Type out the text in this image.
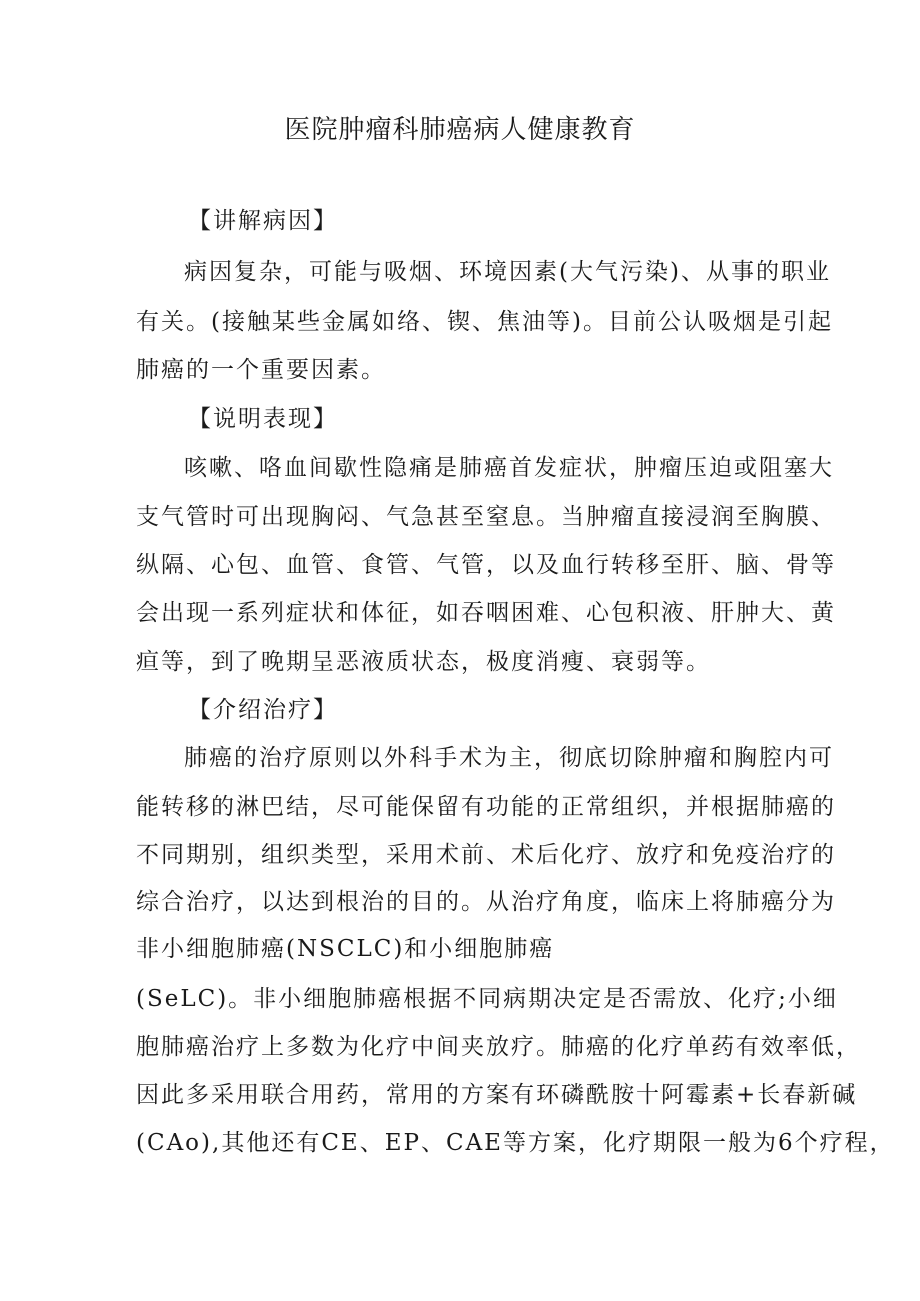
医院肿瘤科肺癌病人健康教育
【讲解病因】
病因复杂，可能与吸烟、环境因素(大气污染)、从事的职业
有关。(接触某些金属如络、锲、焦油等)。目前公认吸烟是引起
肺癌的一个重要因素。
【说明表现】
咳嗽、咯血间歇性隐痛是肺癌首发症状，肿瘤压迫或阻塞大
支气管时可出现胸闷、气急甚至窒息。当肿瘤直接浸润至胸膜、
纵隔、心包、血管、食管、气管，以及血行转移至肝、脑、骨等
会出现一系列症状和体征，如吞咽困难、心包积液、肝肿大、黄
疸等，到了晚期呈恶液质状态，极度消瘦、衰弱等。
【介绍治疗】
肺癌的治疗原则以外科手术为主，彻底切除肿瘤和胸腔内可
能转移的淋巴结，尽可能保留有功能的正常组织，并根据肺癌的
不同期别，组织类型，采用术前、术后化疗、放疗和免疫治疗的
综合治疗，以达到根治的目的。从治疗角度，临床上将肺癌分为
非小细胞肺癌(NSCLC)和小细胞肺癌
(SeLC)。非小细胞肺癌根据不同病期决定是否需放、化疗;小细
胞肺癌治疗上多数为化疗中间夹放疗。肺癌的化疗单药有效率低，
因此多采用联合用药，常用的方案有环磷酰胺十阿霉素+长春新碱
(CAo),其他还有CE、EP、CAE等方案，化疗期限一般为6个疗程，
